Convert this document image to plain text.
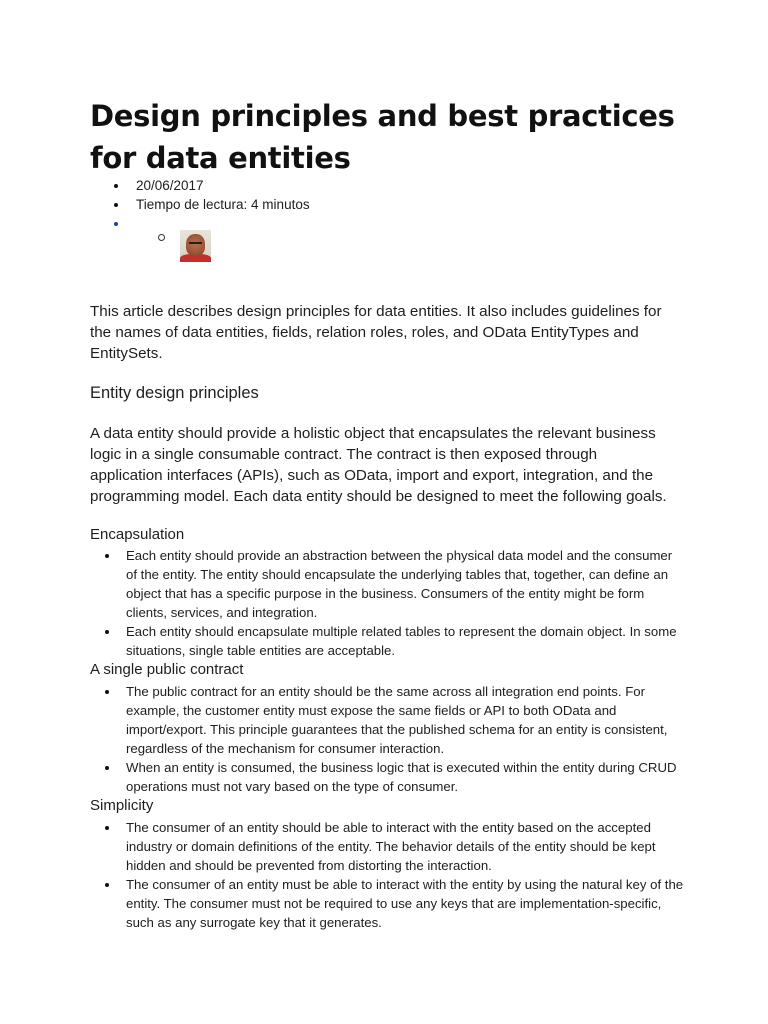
Design principles and best practices for data entities
20/06/2017
Tiempo de lectura: 4 minutos

This article describes design principles for data entities. It also includes guidelines for the names of data entities, fields, relation roles, roles, and OData EntityTypes and EntitySets.

Entity design principles

A data entity should provide a holistic object that encapsulates the relevant business logic in a single consumable contract. The contract is then exposed through application interfaces (APIs), such as OData, import and export, integration, and the programming model. Each data entity should be designed to meet the following goals.

Encapsulation
Each entity should provide an abstraction between the physical data model and the consumer of the entity. The entity should encapsulate the underlying tables that, together, can define an object that has a specific purpose in the business. Consumers of the entity might be form clients, services, and integration.
Each entity should encapsulate multiple related tables to represent the domain object. In some situations, single table entities are acceptable.
A single public contract
The public contract for an entity should be the same across all integration end points. For example, the customer entity must expose the same fields or API to both OData and import/export. This principle guarantees that the published schema for an entity is consistent, regardless of the mechanism for consumer interaction.
When an entity is consumed, the business logic that is executed within the entity during CRUD operations must not vary based on the type of consumer.
Simplicity
The consumer of an entity should be able to interact with the entity based on the accepted industry or domain definitions of the entity. The behavior details of the entity should be kept hidden and should be prevented from distorting the interaction.
The consumer of an entity must be able to interact with the entity by using the natural key of the entity. The consumer must not be required to use any keys that are implementation-specific, such as any surrogate key that it generates.
